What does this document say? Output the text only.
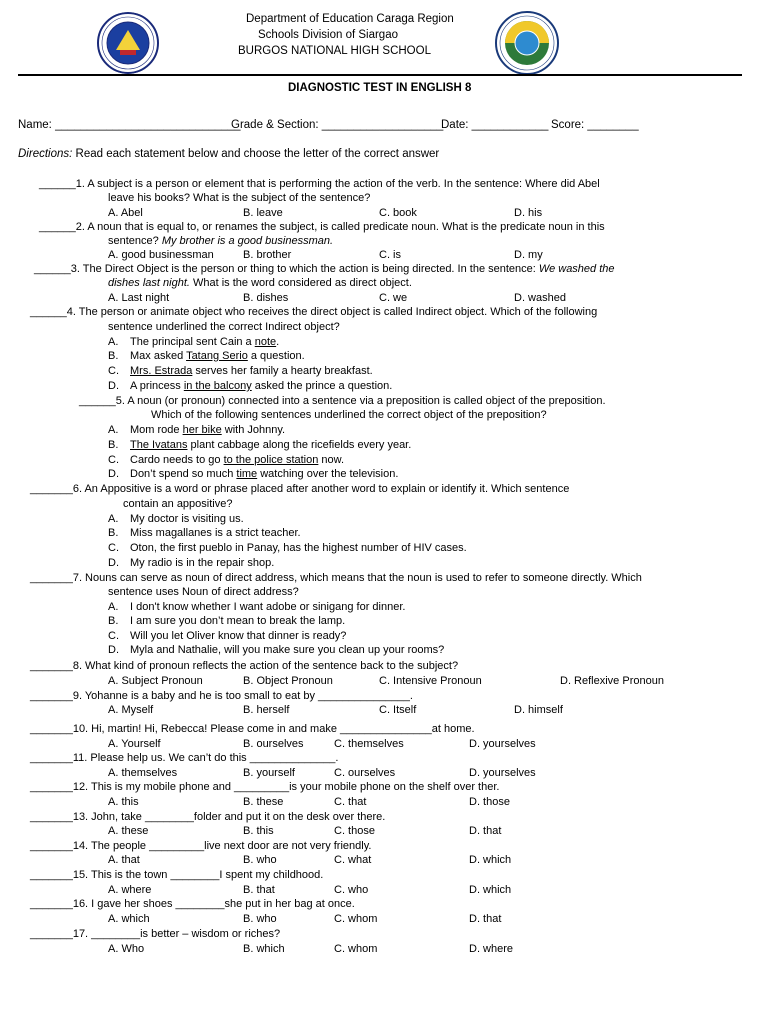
Department of Education Caraga Region
Schools Division of Siargao
BURGOS NATIONAL HIGH SCHOOL
DIAGNOSTIC TEST IN ENGLISH 8
Name: _____________________________
Grade & Section: ___________________
Date: ____________ Score: ________
Directions: Read each statement below and choose the letter of the correct answer
______1. A subject is a person or element that is performing the action of the verb. In the sentence: Where did Abel
leave his books? What is the subject of the sentence?
A. Abel	B. leave	C. book	D. his
______2. A noun that is equal to, or renames the subject, is called predicate noun. What is the predicate noun in this
sentence? My brother is a good businessman.
A. good businessman	B. brother	C. is	D. my
______3. The Direct Object is the person or thing to which the action is being directed. In the sentence: We washed the
dishes last night. What is the word considered as direct object.
A. Last night	B. dishes	C. we	D. washed
______4. The person or animate object who receives the direct object is called Indirect object. Which of the following
sentence underlined the correct Indirect object?
A. The principal sent Cain a note.
B. Max asked Tatang Serio a question.
C. Mrs. Estrada serves her family a hearty breakfast.
D. A princess in the balcony asked the prince a question.
______5. A noun (or pronoun) connected into a sentence via a preposition is called object of the preposition.
Which of the following sentences underlined the correct object of the preposition?
A. Mom rode her bike with Johnny.
B. The Ivatans plant cabbage along the ricefields every year.
C. Cardo needs to go to the police station now.
D. Don’t spend so much time watching over the television.
_______6. An Appositive is a word or phrase placed after another word to explain or identify it. Which sentence
contain an appositive?
A. My doctor is visiting us.
B. Miss magallanes is a strict teacher.
C. Oton, the first pueblo in Panay, has the highest number of HIV cases.
D. My radio is in the repair shop.
_______7. Nouns can serve as noun of direct address, which means that the noun is used to refer to someone directly. Which
sentence uses Noun of direct address?
A. I don't know whether I want adobe or sinigang for dinner.
B. I am sure you don’t mean to break the lamp.
C. Will you let Oliver know that dinner is ready?
D. Myla and Nathalie, will you make sure you clean up your rooms?
_______8. What kind of pronoun reflects the action of the sentence back to the subject?
A. Subject Pronoun	B. Object Pronoun	C. Intensive Pronoun	D. Reflexive Pronoun
_______9. Yohanne is a baby and he is too small to eat by _______________.
A. Myself	B. herself	C. Itself	D. himself
_______10. Hi, martin! Hi, Rebecca! Please come in and make _______________at home.
A. Yourself	B. ourselves	C. themselves	D. yourselves
_______11. Please help us. We can’t do this ______________.
A. themselves	B. yourself	C. ourselves	D. yourselves
_______12. This is my mobile phone and _________is your mobile phone on the shelf over ther.
A. this	B. these	C. that	D. those
_______13. John, take ________folder and put it on the desk over there.
A. these	B. this	C. those	D. that
_______14. The people _________live next door are not very friendly.
A. that	B. who	C. what	D. which
_______15. This is the town ________I spent my childhood.
A. where	B. that	C. who	D. which
_______16. I gave her shoes ________she put in her bag at once.
A. which	B. who	C. whom	D. that
_______17. ________is better – wisdom or riches?
A. Who	B. which	C. whom	D. where
